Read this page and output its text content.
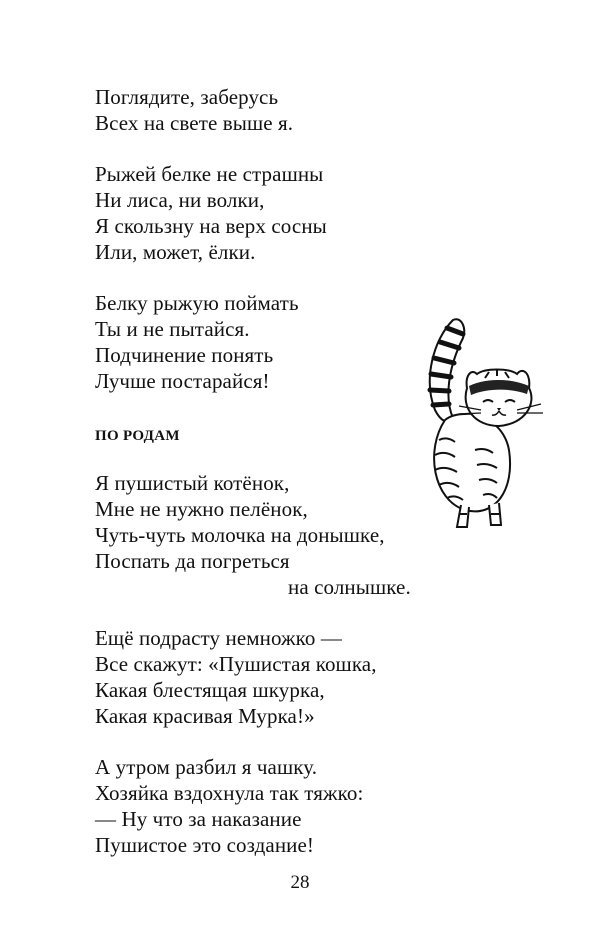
Поглядите, заберусь
Всех на свете выше я.
Рыжей белке не страшны
Ни лиса, ни волки,
Я скользну на верх сосны
Или, может, ёлки.
Белку рыжую поймать
Ты и не пытайся.
Подчинение понять
Лучше постарайся!
ПО РОДАМ
Я пушистый котёнок,
Мне не нужно пелёнок,
Чуть-чуть молочка на донышке,
Поспать да погреться
на солнышке.
Ещё подрасту немножко —
Все скажут: «Пушистая кошка,
Какая блестящая шкурка,
Какая красивая Мурка!»
А утром разбил я чашку.
Хозяйка вздохнула так тяжко:
— Ну что за наказание
Пушистое это создание!
28
